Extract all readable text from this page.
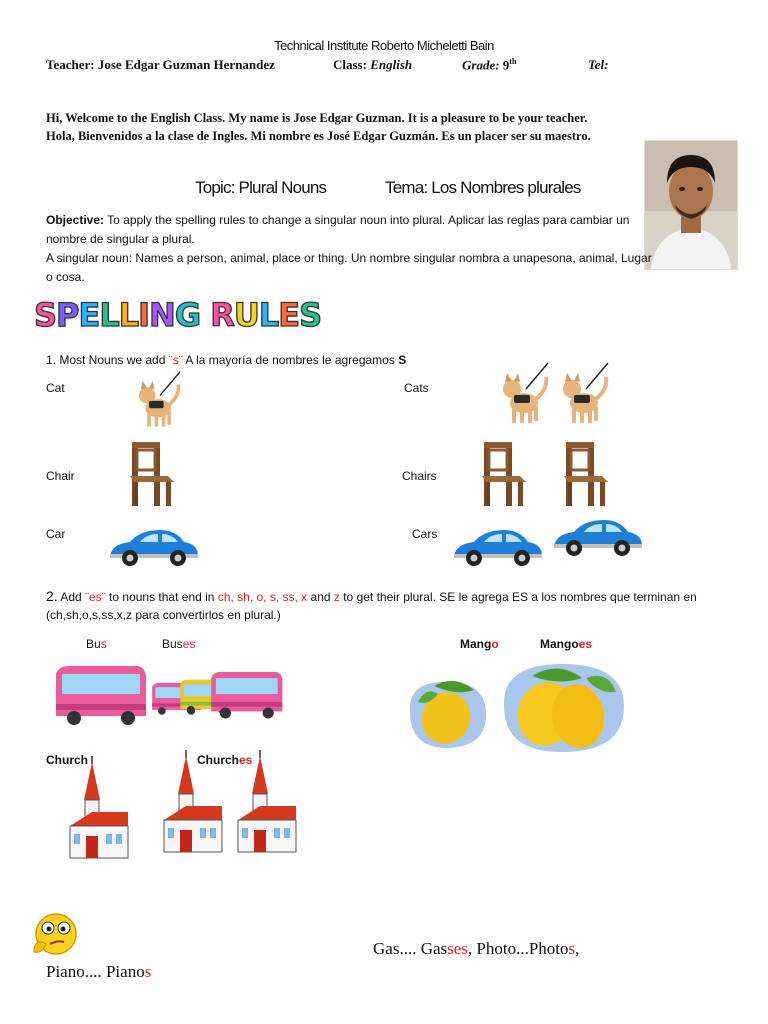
Technical Institute Roberto Micheletti Bain
Teacher: Jose Edgar Guzman Hernandez	Class: English	Grade: 9th	Tel:
Hi, Welcome to the English Class. My name is Jose Edgar Guzman. It is a pleasure to be your teacher.
Hola, Bienvenidos a la clase de Ingles. Mi nombre es José Edgar Guzmán. Es un placer ser su maestro.
Topic: Plural Nouns	Tema: Los Nombres plurales
Objective: To apply the spelling rules to change a singular noun into plural. Aplicar las reglas para cambiar un nombre de singular a plural.
A singular noun: Names a person, animal, place or thing. Un nombre singular nombra a unapesona, animal, Lugar o cosa.
SPELLING RULES
1. Most Nouns we add ¨s¨ A la mayoría de nombres le agregamos S
Cat	Cats
Chair	Chairs
Car	Cars
2. Add ¨es¨ to nouns that end in ch, sh, o, s, ss, x and z to get their plural. SE le agrega ES a los nombres que terminan en
(ch,sh,o,s,ss,x,z para convertirlos en plural.)
Bus	Buses	Mango	Mangoes
Church	Churches
Gas.... Gasses, Photo...Photos,
Piano.... Pianos
